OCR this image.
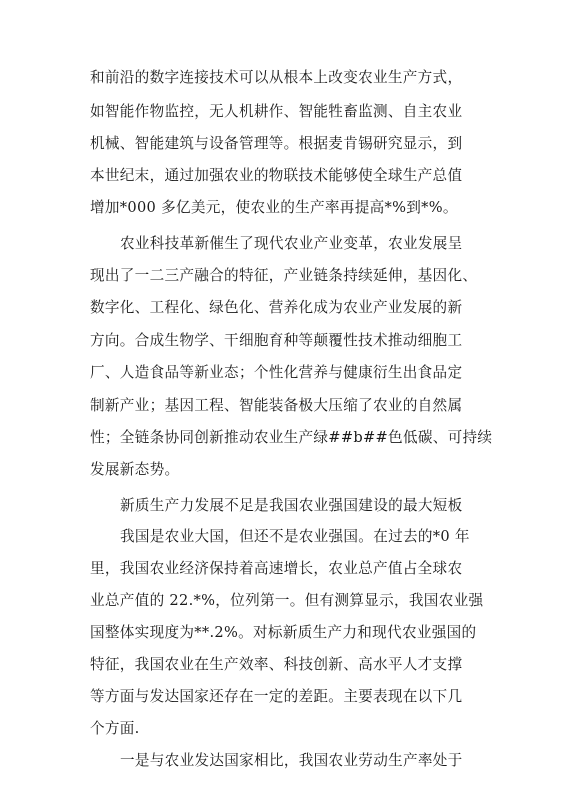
和前沿的数字连接技术可以从根本上改变农业生产方式，
如智能作物监控，无人机耕作、智能牲畜监测、自主农业
机械、智能建筑与设备管理等。根据麦肯锡研究显示，到
本世纪末，通过加强农业的物联技术能够使全球生产总值
增加*000 多亿美元，使农业的生产率再提高*%到*%。
农业科技革新催生了现代农业产业变革，农业发展呈
现出了一二三产融合的特征，产业链条持续延伸，基因化、
数字化、工程化、绿色化、营养化成为农业产业发展的新
方向。合成生物学、干细胞育种等颠覆性技术推动细胞工
厂、人造食品等新业态；个性化营养与健康衍生出食品定
制新产业；基因工程、智能装备极大压缩了农业的自然属
性；全链条协同创新推动农业生产绿##b##色低碳、可持续
发展新态势。
新质生产力发展不足是我国农业强国建设的最大短板
我国是农业大国，但还不是农业强国。在过去的*0 年
里，我国农业经济保持着高速增长，农业总产值占全球农
业总产值的 22.*%，位列第一。但有测算显示，我国农业强
国整体实现度为**.2%。对标新质生产力和现代农业强国的
特征，我国农业在生产效率、科技创新、高水平人才支撑
等方面与发达国家还存在一定的差距。主要表现在以下几
个方面.
一是与农业发达国家相比，我国农业劳动生产率处于
